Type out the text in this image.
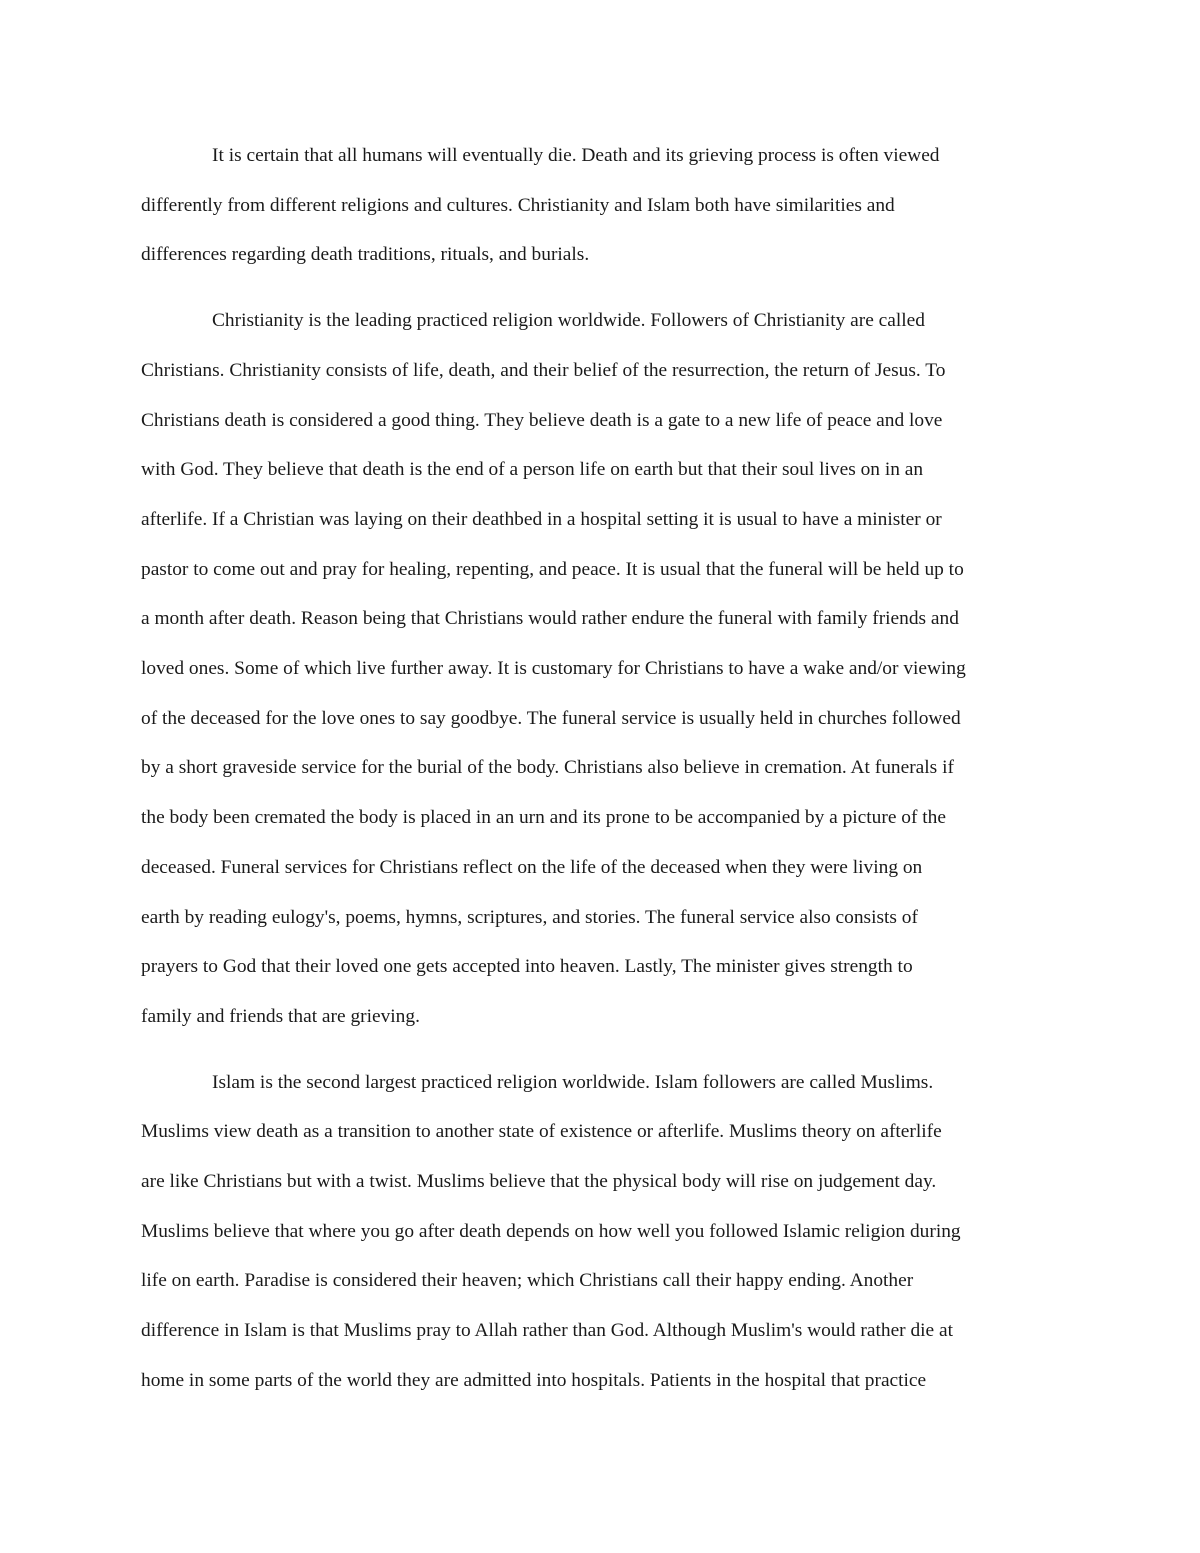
It is certain that all humans will eventually die. Death and its grieving process is often viewed
differently from different religions and cultures. Christianity and Islam both have similarities and
differences regarding death traditions, rituals, and burials.
Christianity is the leading practiced religion worldwide. Followers of Christianity are called
Christians. Christianity consists of life, death, and their belief of the resurrection, the return of Jesus. To
Christians death is considered a good thing. They believe death is a gate to a new life of peace and love
with God. They believe that death is the end of a person life on earth but that their soul lives on in an
afterlife. If a Christian was laying on their deathbed in a hospital setting it is usual to have a minister or
pastor to come out and pray for healing, repenting, and peace. It is usual that the funeral will be held up to
a month after death. Reason being that Christians would rather endure the funeral with family friends and
loved ones. Some of which live further away. It is customary for Christians to have a wake and/or viewing
of the deceased for the love ones to say goodbye. The funeral service is usually held in churches followed
by a short graveside service for the burial of the body. Christians also believe in cremation. At funerals if
the body been cremated the body is placed in an urn and its prone to be accompanied by a picture of the
deceased. Funeral services for Christians reflect on the life of the deceased when they were living on
earth by reading eulogy's, poems, hymns, scriptures, and stories. The funeral service also consists of
prayers to God that their loved one gets accepted into heaven. Lastly, The minister gives strength to
family and friends that are grieving.
Islam is the second largest practiced religion worldwide. Islam followers are called Muslims.
Muslims view death as a transition to another state of existence or afterlife. Muslims theory on afterlife
are like Christians but with a twist. Muslims believe that the physical body will rise on judgement day.
Muslims believe that where you go after death depends on how well you followed Islamic religion during
life on earth. Paradise is considered their heaven; which Christians call their happy ending. Another
difference in Islam is that Muslims pray to Allah rather than God. Although Muslim's would rather die at
home in some parts of the world they are admitted into hospitals. Patients in the hospital that practice
